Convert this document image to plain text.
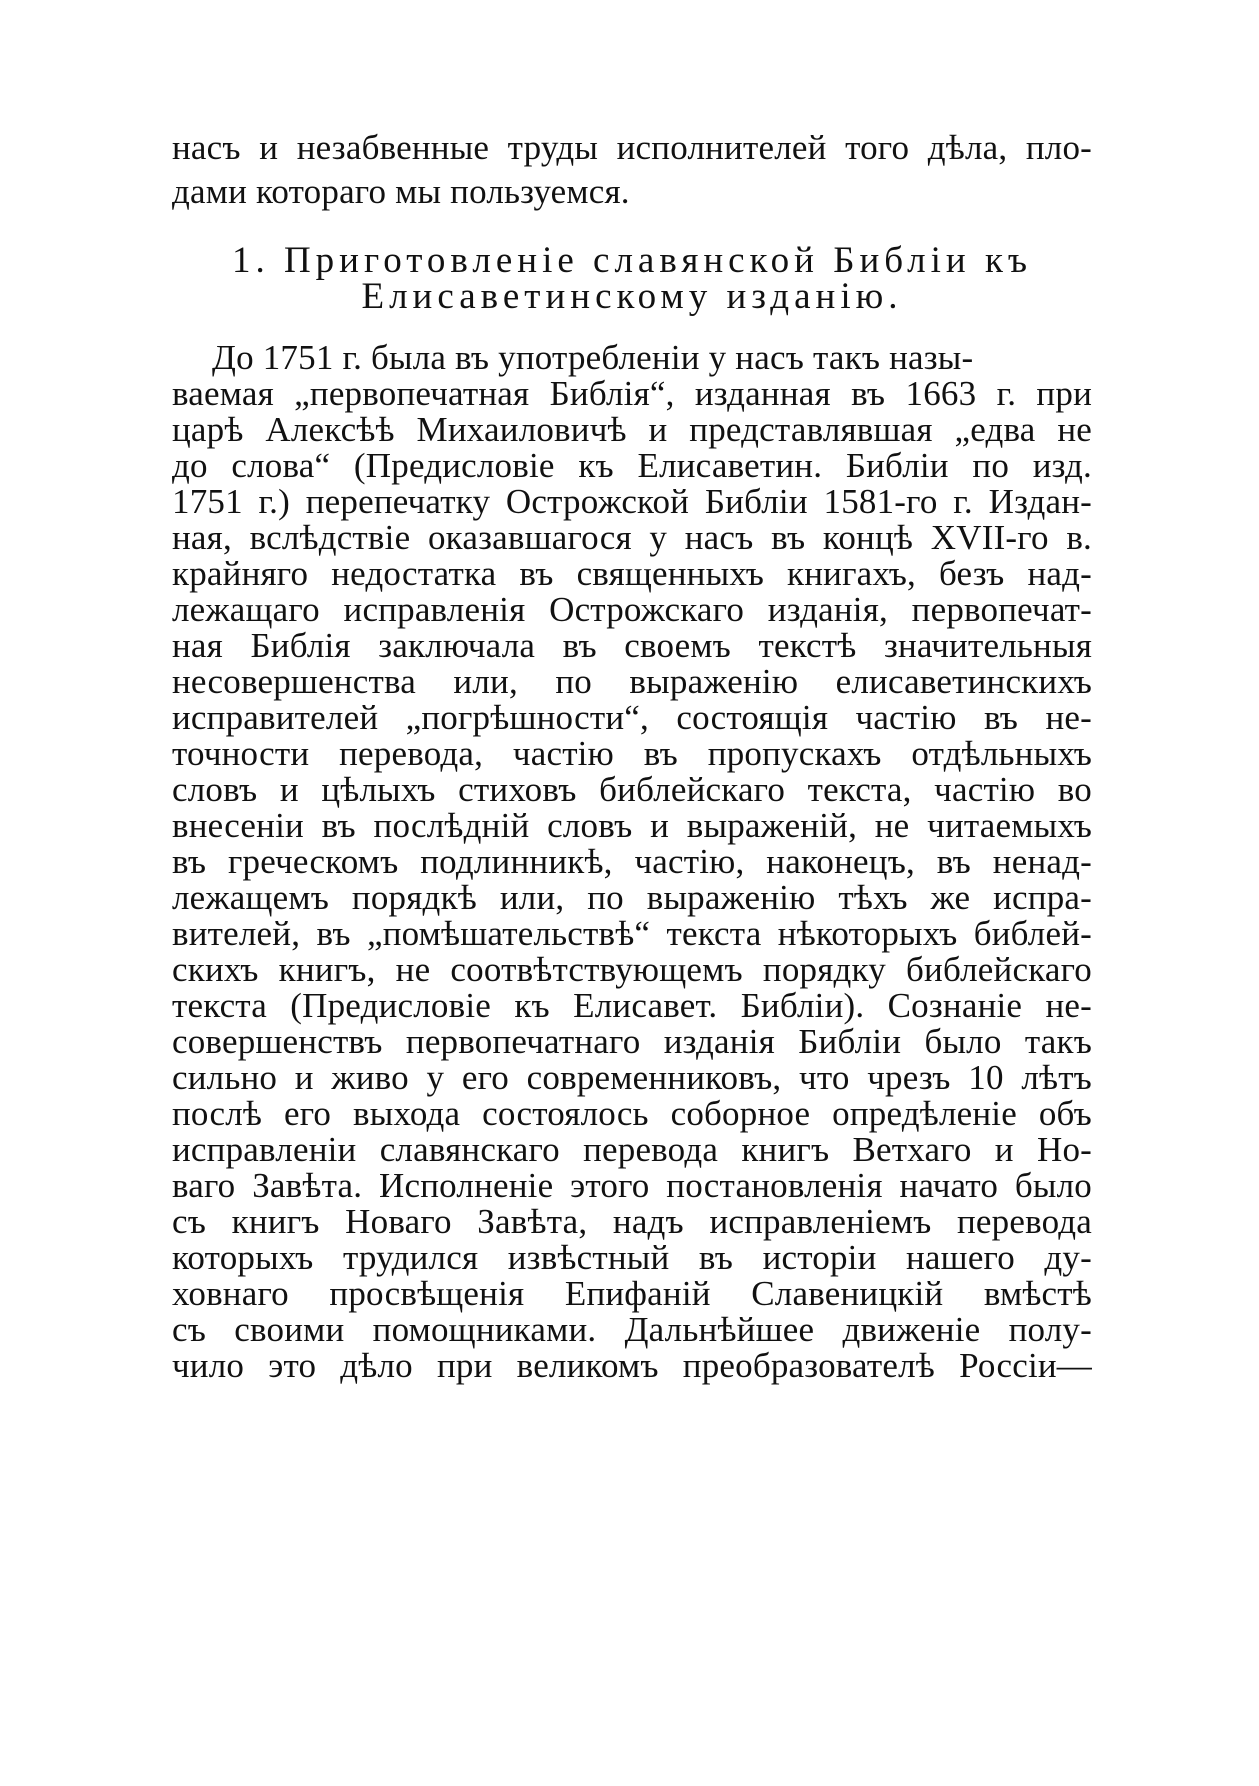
насъ и незабвенные труды исполнителей того дѣла, пло-
дами котораго мы пользуемся.
1. Приготовленіе славянской Библіи къ
Елисаветинскому изданію.
До 1751 г. была въ употребленіи у насъ такъ назы-
ваемая „первопечатная Библія“, изданная въ 1663 г. при
царѣ Алексѣѣ Михаиловичѣ и представлявшая „едва не
до слова“ (Предисловіе къ Елисаветин. Библіи по изд.
1751 г.) перепечатку Острожской Библіи 1581-го г. Издан-
ная, вслѣдствіе оказавшагося у насъ въ концѣ XVII-го в.
крайняго недостатка въ священныхъ книгахъ, безъ над-
лежащаго исправленія Острожскаго изданія, первопечат-
ная Библія заключала въ своемъ текстѣ значительныя
несовершенства или, по выраженію елисаветинскихъ
исправителей „погрѣшности“, состоящія частію въ не-
точности перевода, частію въ пропускахъ отдѣльныхъ
словъ и цѣлыхъ стиховъ библейскаго текста, частію во
внесеніи въ послѣдній словъ и выраженій, не читаемыхъ
въ греческомъ подлинникѣ, частію, наконецъ, въ ненад-
лежащемъ порядкѣ или, по выраженію тѣхъ же испра-
вителей, въ „помѣшательствѣ“ текста нѣкоторыхъ библей-
скихъ книгъ, не соотвѣтствующемъ порядку библейскаго
текста (Предисловіе къ Елисавет. Библіи). Сознаніе не-
совершенствъ первопечатнаго изданія Библіи было такъ
сильно и живо у его современниковъ, что чрезъ 10 лѣтъ
послѣ его выхода состоялось соборное опредѣленіе объ
исправленіи славянскаго перевода книгъ Ветхаго и Но-
ваго Завѣта. Исполненіе этого постановленія начато было
съ книгъ Новаго Завѣта, надъ исправленіемъ перевода
которыхъ трудился извѣстный въ исторіи нашего ду-
ховнаго просвѣщенія Епифаній Славеницкій вмѣстѣ
съ своими помощниками. Дальнѣйшее движеніе полу-
чило это дѣло при великомъ преобразователѣ Россіи—
